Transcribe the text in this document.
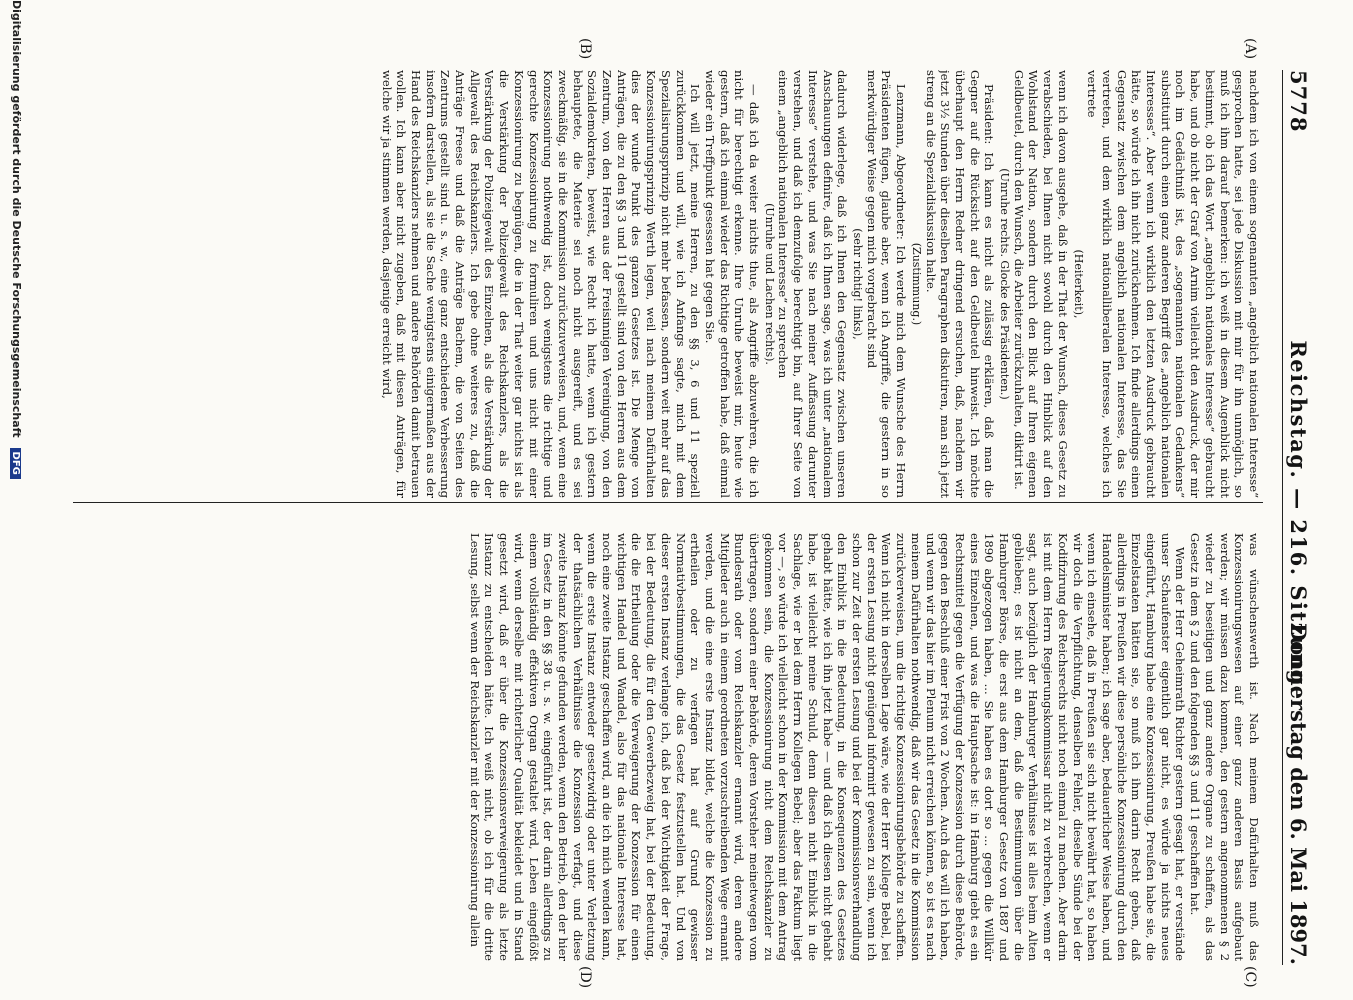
5778
Reichstag. — 216. Sitzung.
Donnerstag den 6. Mai 1897.
(A)
(B)
(C)
(D)

nachdem ich von einem sogenannten „angeblich nationalen Interesse“ gesprochen hatte, sei jede Diskussion mit mir für ihn unmöglich, so muß ich ihm darauf bemerken: ich weiß in diesem Augenblick nicht bestimmt, ob ich das Wort „angeblich nationales Interesse“ gebraucht habe, und ob nicht der Graf von Arnim vielleicht den Ausdruck, der mir noch im Gedächtniß ist, des „sogenannten nationalen Gedankens“ substituirt durch einen ganz anderen Begriff des „angeblich nationalen Interesses“. Aber wenn ich wirklich den letzten Ausdruck gebraucht hätte, so würde ich ihn nicht zurücknehmen. Ich finde allerdings einen Gegensatz zwischen dem angeblich nationalen Interesse, das Sie vertreten, und dem wirklich nationalliberalen Interesse, welches ich vertrete

(Heiterkeit),

wenn ich davon ausgehe, daß in der That der Wunsch, dieses Gesetz zu verabschieden, bei Ihnen nicht sowohl durch den Hinblick auf den Wohlstand der Nation, sondern durch den Blick auf Ihren eigenen Geldbeutel, durch den Wunsch, die Arbeiter zurückzuhalten, diktirt ist.

(Unruhe rechts. Glocke des Präsidenten.)

Präsident: Ich kann es nicht als zulässig erklären, daß man die Gegner auf die Rücksicht auf den Geldbeutel hinweist. Ich möchte überhaupt den Herrn Redner dringend ersuchen, daß, nachdem wir jetzt 3½ Stunden über dieselben Paragraphen diskutiren, man sich jetzt streng an die Spezialdiskussion halte.

(Zustimmung.)

Lenzmann, Abgeordneter: Ich werde mich dem Wunsche des Herrn Präsidenten fügen, glaube aber, wenn ich Angriffe, die gestern in so merkwürdiger Weise gegen mich vorgebracht sind

(sehr richtig! links),

dadurch widerlege, daß ich Ihnen den Gegensatz zwischen unseren Anschauungen definire, daß ich Ihnen sage, was ich unter „nationalem Interesse“ verstehe, und was Sie nach meiner Auffassung darunter verstehen, und daß ich demzufolge berechtigt bin, auf Ihrer Seite von einem „angeblich nationalen Interesse“ zu sprechen

(Unruhe und Lachen rechts).

— daß ich da weiter nichts thue, als Angriffe abzuwehren, die ich nicht für berechtigt erkenne. Ihre Unruhe beweist mir, heute wie gestern, daß ich einmal wieder das Richtige getroffen habe, daß einmal wieder ein Treffpunkt gesessen hat gegen Sie.

Ich will jetzt, meine Herren, zu den §§ 3, 6 und 11 speziell zurückkommen und will, wie ich Anfangs sagte, mich mit dem Spezialisirungsprinzip nicht mehr befassen, sondern weit mehr auf das Konzessionirungsprinzip Werth legen, weil nach meinem Dafürhalten dies der wunde Punkt des ganzen Gesetzes ist. Die Menge von Anträgen, die zu den §§ 3 und 11 gestellt sind von den Herren aus dem Zentrum, von den Herren aus der Freisinnigen Vereinigung, von den Sozialdemokraten, beweist, wie Recht ich hatte, wenn ich gestern behauptete, die Materie sei noch nicht ausgereift, und es sei zweckmäßig, sie in die Kommission zurückzuverweisen, und, wenn eine Konzessionirung nothwendig ist, doch wenigstens die richtige und gerechte Konzessionirung zu formuliren und uns nicht mit einer Konzessionirung zu begnügen, die in der That weiter gar nichts ist als die Verstärkung der Polizeigewalt des Reichskanzlers, als die Verstärkung der Polizeigewalt des Einzelnen, als die Verstärkung der Allgewalt des Reichskanzlers. Ich gebe ohne weiteres zu, daß die Anträge Freese und daß die Anträge Bachem, die von Seiten des Zentrums gestellt sind u. s. w., eine ganz entschiedene Verbesserung insofern darstellen, als sie die Sache wenigstens einigermaßen aus der Hand des Reichskanzlers nehmen und andere Behörden damit betrauen wollen. Ich kann aber nicht zugeben, daß mit diesen Anträgen, für welche wir ja stimmen werden, dasjenige erreicht wird,

was wünschenswerth ist. Nach meinem Dafürhalten muß das Konzessionirungswesen auf einer ganz anderen Basis aufgebaut werden; wir müssen dazu kommen, den gestern angenommenen § 2 wieder zu beseitigen und ganz andere Organe zu schaffen, als das Gesetz in dem § 2 und den folgenden §§ 3 und 11 geschaffen hat.

Wenn der Herr Geheimrath Richter gestern gesagt hat, er verstände unser Schaufenster eigentlich gar nicht, es würde ja nichts neues eingeführt, Hamburg habe eine Konzessionirung, Preußen habe sie, die Einzelstaaten hätten sie, so muß ich ihm darin Recht geben, daß allerdings in Preußen wir diese persönliche Konzessionirung durch den Handelsminister haben; ich sage aber, bedauerlicher Weise haben, und wenn ich einsehe, daß in Preußen sie sich nicht bewährt hat, so haben wir doch die Verpflichtung, denselben Fehler, dieselbe Sünde bei der Kodifizirung des Reichsrechts nicht noch einmal zu machen. Aber darin ist mit dem Herrn Regierungskommissar nicht zu verbrechen, wenn er sagt, auch bezüglich der Hamburger Verhältnisse ist alles beim Alten geblieben; es ist nicht an dem, daß die Bestimmungen über die Hamburger Börse, die erst aus dem Hamburger Gesetz von 1887 und 1890 abgezogen haben, ... Sie haben es dort so ... gegen die Willkür eines Einzelnen, und was die Hauptsache ist: in Hamburg giebt es ein Rechtsmittel gegen die Verfügung der Konzession durch diese Behörde, gegen den Beschluß einer Frist von 2 Wochen. Auch das will ich haben, und wenn wir das hier im Plenum nicht erreichen können, so ist es nach meinem Dafürhalten nothwendig, daß wir das Gesetz in die Kommission zurückverweisen, um die richtige Konzessionirungsbehörde zu schaffen. Wenn ich nicht in derselben Lage wäre, wie der Herr Kollege Bebel, bei der ersten Lesung nicht genügend informirt gewesen zu sein, wenn ich schon zur Zeit der ersten Lesung und bei der Kommissionsverhandlung den Einblick in die Bedeutung, in die Konsequenzen des Gesetzes gehabt hätte, wie ich ihn jetzt habe — und daß ich diesen nicht gehabt habe, ist vielleicht meine Schuld, denn diesen nicht Einblick in die Sachlage, wie er bei dem Herrn Kollegen Bebel; aber das Faktum liegt vor —, so würde ich vielleicht schon in der Kommission mit dem Antrag gekommen sein, die Konzessionirung nicht dem Reichskanzler zu übertragen, sondern einer Behörde, deren Vorsteher meinetwegen vom Bundesrath oder vom Reichskanzler ernannt wird, deren andere Mitglieder auch in einem geordneten vorzuschreibenden Wege ernannt werden, und die eine erste Instanz bildet, welche die Konzession zu ertheilen oder zu verfagen hat auf Grund gewisser Normativbestimmungen, die das Gesetz festzustellen hat. Und von dieser ersten Instanz verlange ich, daß bei der Wichtigkeit der Frage, bei der Bedeutung, die für den Gewerbezweig hat, bei der Bedeutung, die die Ertheilung oder die Verweigerung der Konzession für einen wichtigen Handel und Wandel, also für das nationale Interesse hat, noch eine zweite Instanz geschaffen wird, an die ich mich wenden kann, wenn die erste Instanz entweder gesetzwidrig oder unter Verletzung der thatsächlichen Verhältnisse die Konzession verfagt, und diese zweite Instanz könnte gefunden werden, wenn den Betrieb, den der hier im Gesetz in den §§ 38 u. s. w. eingeführt ist, der darin allerdings zu einem vollständig effektiven Organ gestaltet wird, Leben eingeflößt wird, wenn derselbe mit richterlicher Qualität bekleidet und in Stand gesetzt wird, daß er über die Konzessionsverweigerung als letzte Instanz zu entscheiden hätte. Ich weiß nicht, ob ich für die dritte Lesung, selbst wenn der Reichskanzler mit der Konzessionirung allein

Digitalisierung gefördert durch die Deutsche Forschungsgemeinschaft DFG
